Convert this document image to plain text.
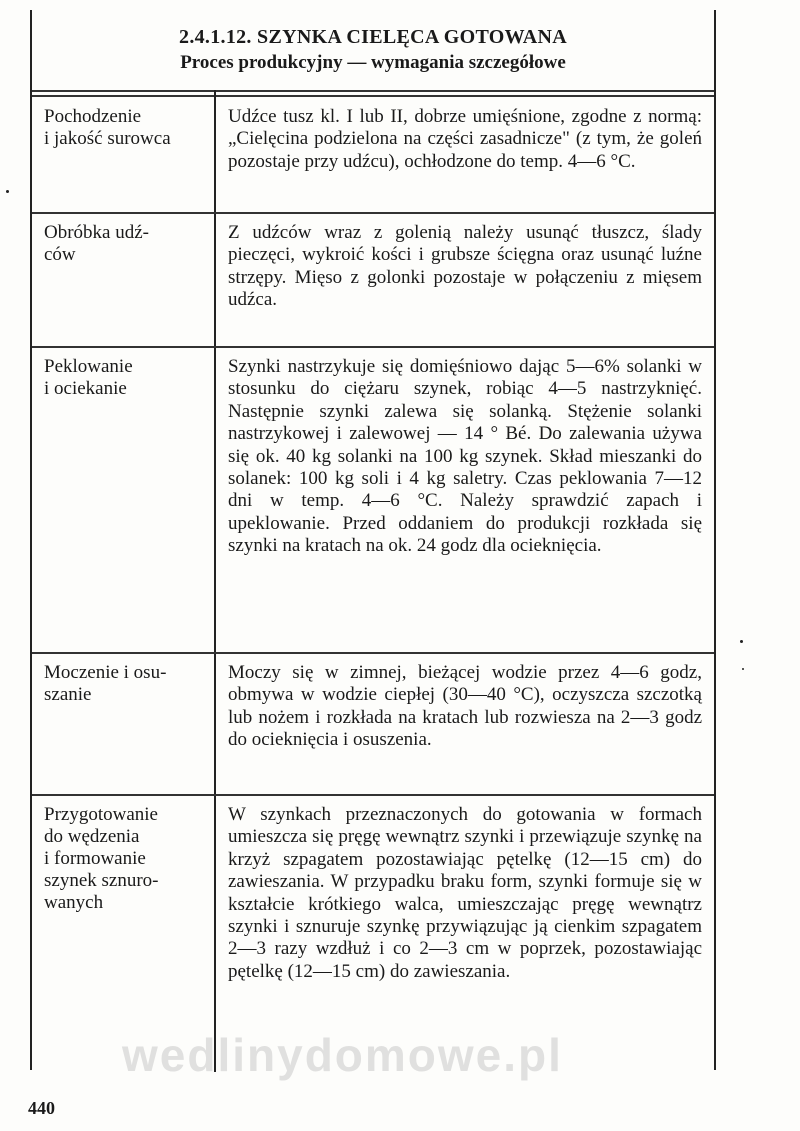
2.4.1.12. SZYNKA CIELĘCA GOTOWANA
Proces produkcyjny — wymagania szczegółowe
Pochodzenie
i jakość surowca
Udźce tusz kl. I lub II, dobrze umięśnione, zgodne z normą: „Cielęcina podzielona na części zasadnicze" (z tym, że goleń pozostaje przy udźcu), ochłodzone do temp. 4—6 °C.
Obróbka udź-
ców
Z udźców wraz z golenią należy usunąć tłuszcz, ślady pieczęci, wykroić kości i grubsze ścięgna oraz usunąć luźne strzępy. Mięso z golonki pozostaje w połączeniu z mięsem udźca.
Peklowanie
i ociekanie
Szynki nastrzykuje się domięśniowo dając 5—6% solanki w stosunku do ciężaru szynek, robiąc 4—5 nastrzyknięć. Następnie szynki zalewa się solanką. Stężenie solanki nastrzykowej i zalewowej — 14 ° Bé. Do zalewania używa się ok. 40 kg solanki na 100 kg szynek. Skład mieszanki do solanek: 100 kg soli i 4 kg saletry. Czas peklowania 7—12 dni w temp. 4—6 °C. Należy sprawdzić zapach i upeklowanie. Przed oddaniem do produkcji rozkłada się szynki na kratach na ok. 24 godz dla ocieknięcia.
Moczenie i osu-
szanie
Moczy się w zimnej, bieżącej wodzie przez 4—6 godz, obmywa w wodzie ciepłej (30—40 °C), oczyszcza szczotką lub nożem i rozkłada na kratach lub rozwiesza na 2—3 godz do ocieknięcia i osuszenia.
Przygotowanie
do wędzenia
i formowanie
szynek sznuro-
wanych
W szynkach przeznaczonych do gotowania w formach umieszcza się pręgę wewnątrz szynki i przewiązuje szynkę na krzyż szpagatem pozostawiając pętelkę (12—15 cm) do zawieszania. W przypadku braku form, szynki formuje się w kształcie krótkiego walca, umieszczając pręgę wewnątrz szynki i sznuruje szynkę przywiązując ją cienkim szpagatem 2—3 razy wzdłuż i co 2—3 cm w poprzek, pozostawiając pętelkę (12—15 cm) do zawieszania.
wedlinydomowe.pl
440
